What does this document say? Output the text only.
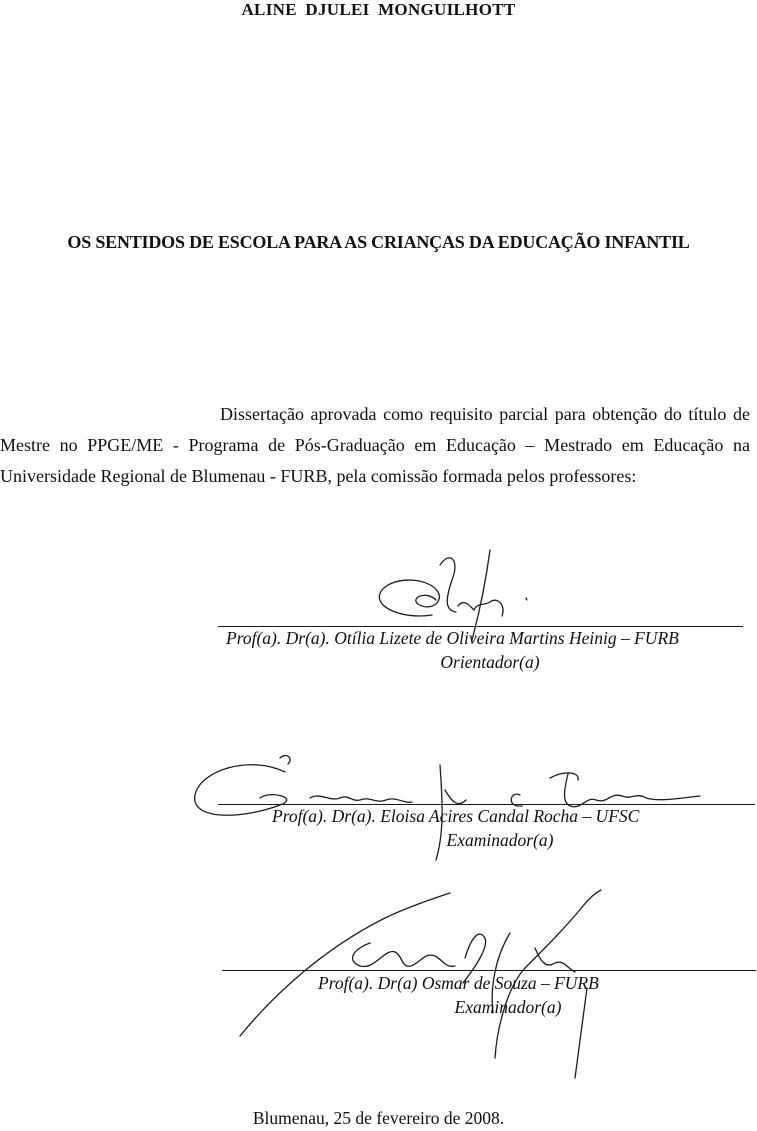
ALINE DJULEI MONGUILHOTT
OS SENTIDOS DE ESCOLA PARA AS CRIANÇAS DA EDUCAÇÃO INFANTIL
Dissertação aprovada como requisito parcial para obtenção do título de Mestre no PPGE/ME - Programa de Pós-Graduação em Educação – Mestrado em Educação na Universidade Regional de Blumenau - FURB, pela comissão formada pelos professores:
Prof(a). Dr(a). Otília Lizete de Oliveira Martins Heinig – FURB
Orientador(a)
Prof(a). Dr(a). Eloisa Acires Candal Rocha – UFSC
Examinador(a)
Prof(a). Dr(a) Osmar de Souza – FURB
Examinador(a)
Blumenau, 25 de fevereiro de 2008.
